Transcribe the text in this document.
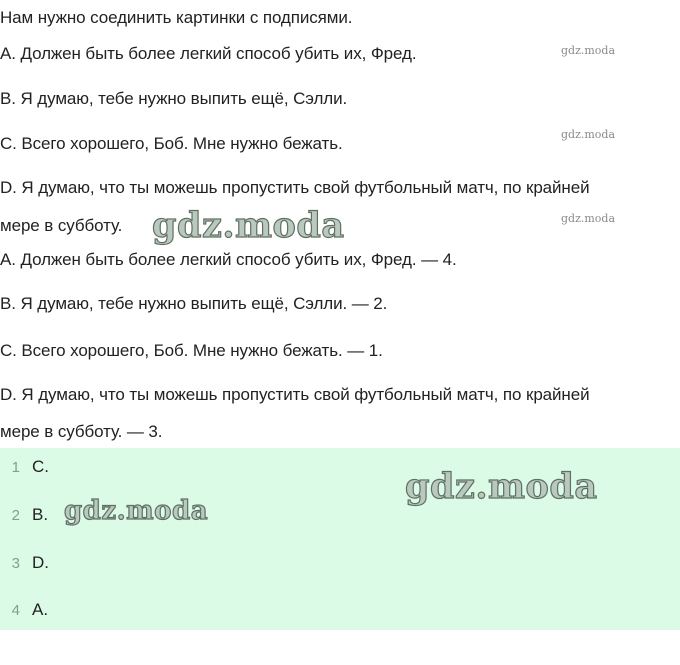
Нам нужно соединить картинки с подписями.
A. Должен быть более легкий способ убить их, Фред.
B. Я думаю, тебе нужно выпить ещё, Сэлли.
C. Всего хорошего, Боб. Мне нужно бежать.
D. Я думаю, что ты можешь пропустить свой футбольный матч, по крайней
мере в субботу.
A. Должен быть более легкий способ убить их, Фред. — 4.
B. Я думаю, тебе нужно выпить ещё, Сэлли. — 2.
C. Всего хорошего, Боб. Мне нужно бежать. — 1.
D. Я думаю, что ты можешь пропустить свой футбольный матч, по крайней
мере в субботу. — 3.
gdz.moda
gdz.moda
gdz.moda
gdz.moda
1 C.
2 B.
3 D.
4 A.
gdz.moda
gdz.moda
